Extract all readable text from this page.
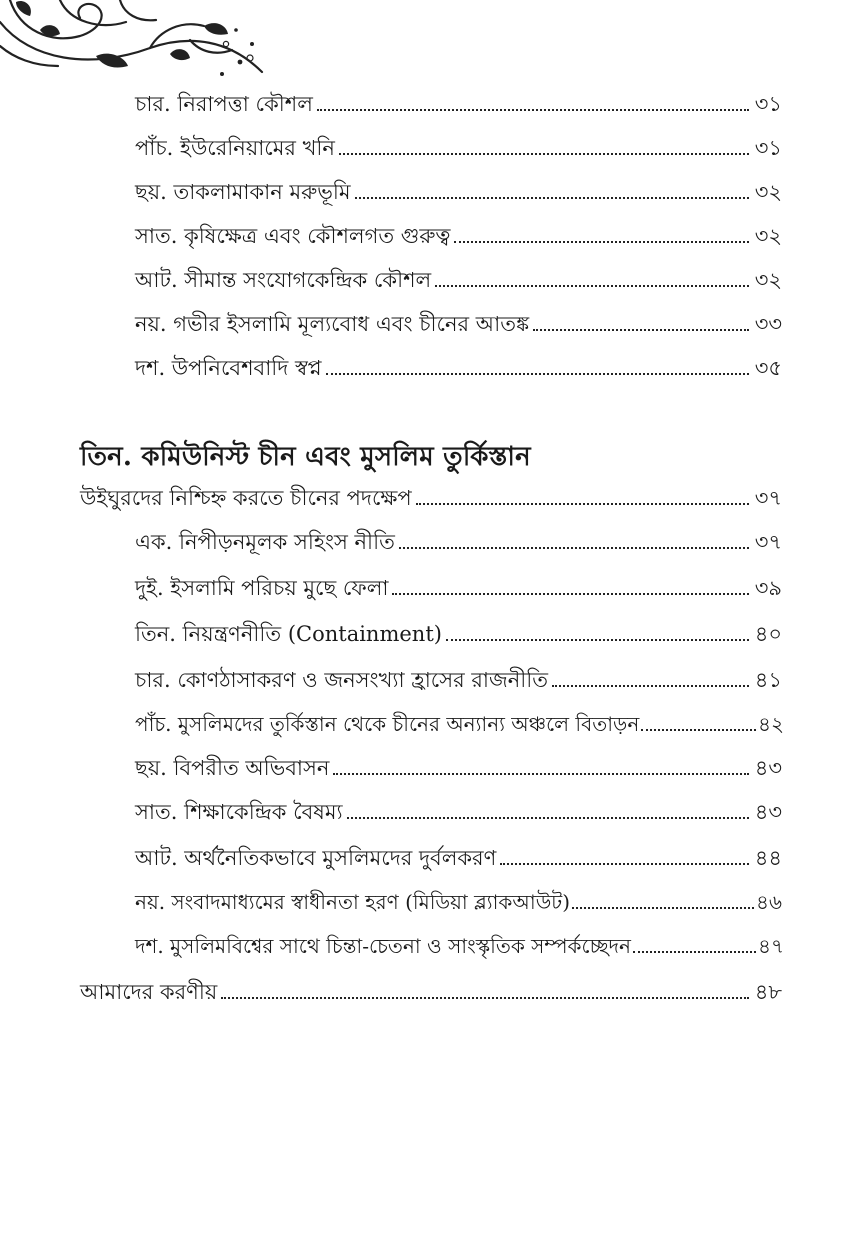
চার. নিরাপত্তা কৌশল	৩১
পাঁচ. ইউরেনিয়ামের খনি	৩১
ছয়. তাকলামাকান মরুভূমি	৩২
সাত. কৃষিক্ষেত্র এবং কৌশলগত গুরুত্ব	৩২
আট. সীমান্ত সংযোগকেন্দ্রিক কৌশল	৩২
নয়. গভীর ইসলামি মূল্যবোধ এবং চীনের আতঙ্ক	৩৩
দশ. উপনিবেশবাদি স্বপ্ন	৩৫
তিন. কমিউনিস্ট চীন এবং মুসলিম তুর্কিস্তান
উইঘুরদের নিশ্চিহ্ন করতে চীনের পদক্ষেপ	৩৭
এক. নিপীড়নমূলক সহিংস নীতি	৩৭
দুই. ইসলামি পরিচয় মুছে ফেলা	৩৯
তিন. নিয়ন্ত্রণনীতি (Containment)	৪০
চার. কোণঠাসাকরণ ও জনসংখ্যা হ্রাসের রাজনীতি	৪১
পাঁচ. মুসলিমদের তুর্কিস্তান থেকে চীনের অন্যান্য অঞ্চলে বিতাড়ন	৪২
ছয়. বিপরীত অভিবাসন	৪৩
সাত. শিক্ষাকেন্দ্রিক বৈষম্য	৪৩
আট. অর্থনৈতিকভাবে মুসলিমদের দুর্বলকরণ	৪৪
নয়. সংবাদমাধ্যমের স্বাধীনতা হরণ (মিডিয়া ব্ল্যাকআউট)	৪৬
দশ. মুসলিমবিশ্বের সাথে চিন্তা-চেতনা ও সাংস্কৃতিক সম্পর্কচ্ছেদন	৪৭
আমাদের করণীয়	৪৮
